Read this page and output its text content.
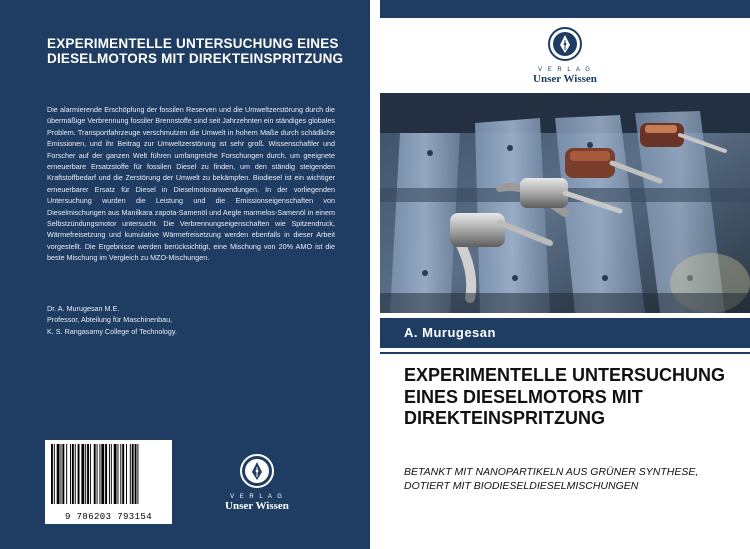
EXPERIMENTELLE UNTERSUCHUNG EINES DIESELMOTORS MIT DIREKTEINSPRITZUNG

Die alarmierende Erschöpfung der fossilen Reserven und die Umweltzerstörung durch die übermäßige Verbrennung fossiler Brennstoffe sind seit Jahrzehnten ein ständiges globales Problem. Transportfahrzeuge verschmutzen die Umwelt in hohem Maße durch schädliche Emissionen, und ihr Beitrag zur Umweltzerstörung ist sehr groß. Wissenschaftler und Forscher auf der ganzen Welt führen umfangreiche Forschungen durch, um geeignete erneuerbare Ersatzstoffe für fossilen Diesel zu finden, um den ständig steigenden Kraftstoffbedarf und die Zerstörung der Umwelt zu bekämpfen. Biodiesel ist ein wichtiger erneuerbarer Ersatz für Diesel in Dieselmotoranwendungen. In der vorliegenden Untersuchung wurden die Leistung und die Emissionseigenschaften von Dieselmischungen aus Manilkara zapota-Samenöl und Aegle marmelos-Samenöl in einem Selbstzündungsmotor untersucht. Die Verbrennungseigenschaften wie Spitzendruck, Wärmefreisetzung und kumulative Wärmefreisetzung werden ebenfalls in dieser Arbeit vorgestellt. Die Ergebnisse werden berücksichtigt, eine Mischung von 20% AMO ist die beste Mischung im Vergleich zu MZO-Mischungen.

Dr. A. Murugesan M.E.
Professor, Abteilung für Maschinenbau,
K. S. Rangasamy College of Technology.
9 786203 793154
V E R L A G
Unser Wissen
V E R L A G
Unser Wissen
A. Murugesan
EXPERIMENTELLE UNTERSUCHUNG EINES DIESELMOTORS MIT DIREKTEINSPRITZUNG

BETANKT MIT NANOPARTIKELN AUS GRÜNER SYNTHESE, DOTIERT MIT BIODIESELDIESELMISCHUNGEN
